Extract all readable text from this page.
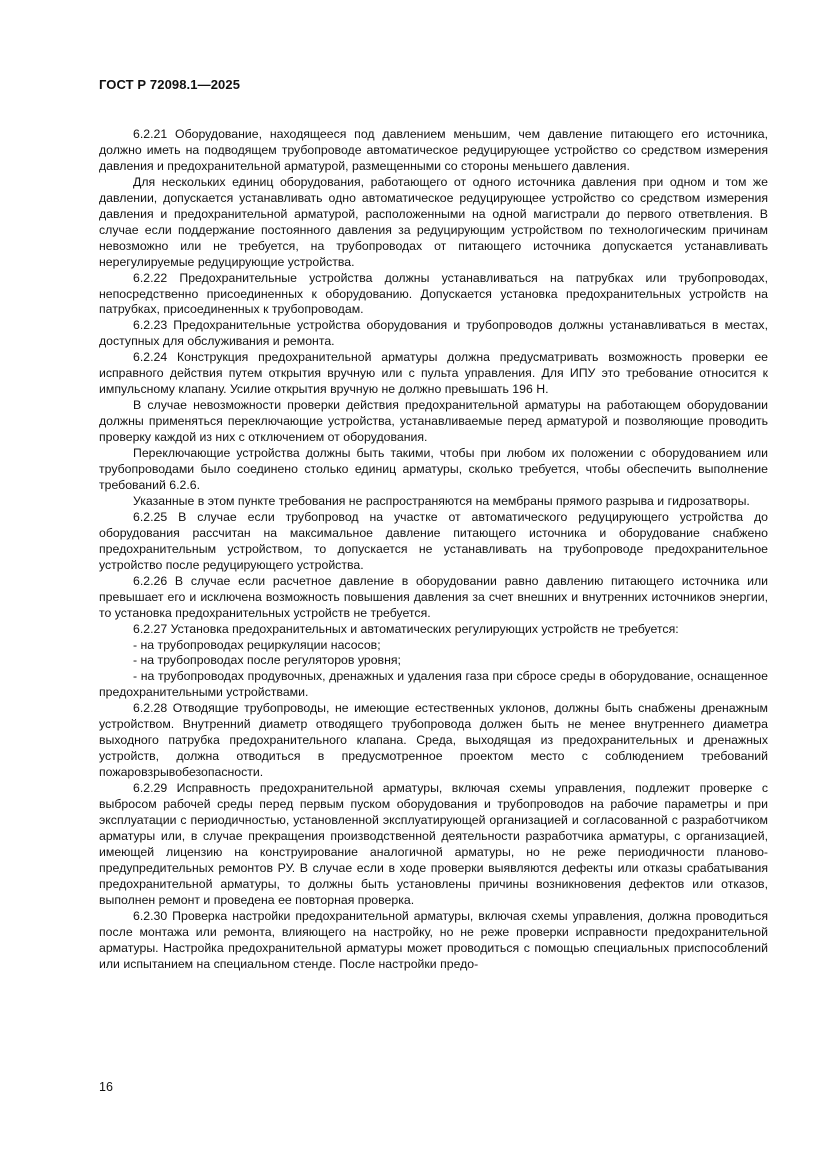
ГОСТ Р 72098.1—2025

6.2.21 Оборудование, находящееся под давлением меньшим, чем давление питающего его источника, должно иметь на подводящем трубопроводе автоматическое редуцирующее устройство со средством измерения давления и предохранительной арматурой, размещенными со стороны меньшего давления.

Для нескольких единиц оборудования, работающего от одного источника давления при одном и том же давлении, допускается устанавливать одно автоматическое редуцирующее устройство со средством измерения давления и предохранительной арматурой, расположенными на одной магистрали до первого ответвления. В случае если поддержание постоянного давления за редуцирующим устройством по технологическим причинам невозможно или не требуется, на трубопроводах от питающего источника допускается устанавливать нерегулируемые редуцирующие устройства.

6.2.22 Предохранительные устройства должны устанавливаться на патрубках или трубопроводах, непосредственно присоединенных к оборудованию. Допускается установка предохранительных устройств на патрубках, присоединенных к трубопроводам.

6.2.23 Предохранительные устройства оборудования и трубопроводов должны устанавливаться в местах, доступных для обслуживания и ремонта.

6.2.24 Конструкция предохранительной арматуры должна предусматривать возможность проверки ее исправного действия путем открытия вручную или с пульта управления. Для ИПУ это требование относится к импульсному клапану. Усилие открытия вручную не должно превышать 196 Н.

В случае невозможности проверки действия предохранительной арматуры на работающем оборудовании должны применяться переключающие устройства, устанавливаемые перед арматурой и позволяющие проводить проверку каждой из них с отключением от оборудования.

Переключающие устройства должны быть такими, чтобы при любом их положении с оборудованием или трубопроводами было соединено столько единиц арматуры, сколько требуется, чтобы обеспечить выполнение требований 6.2.6.

Указанные в этом пункте требования не распространяются на мембраны прямого разрыва и гидрозатворы.

6.2.25 В случае если трубопровод на участке от автоматического редуцирующего устройства до оборудования рассчитан на максимальное давление питающего источника и оборудование снабжено предохранительным устройством, то допускается не устанавливать на трубопроводе предохранительное устройство после редуцирующего устройства.

6.2.26 В случае если расчетное давление в оборудовании равно давлению питающего источника или превышает его и исключена возможность повышения давления за счет внешних и внутренних источников энергии, то установка предохранительных устройств не требуется.

6.2.27 Установка предохранительных и автоматических регулирующих устройств не требуется:

- на трубопроводах рециркуляции насосов;

- на трубопроводах после регуляторов уровня;

- на трубопроводах продувочных, дренажных и удаления газа при сбросе среды в оборудование, оснащенное предохранительными устройствами.

6.2.28 Отводящие трубопроводы, не имеющие естественных уклонов, должны быть снабжены дренажным устройством. Внутренний диаметр отводящего трубопровода должен быть не менее внутреннего диаметра выходного патрубка предохранительного клапана. Среда, выходящая из предохранительных и дренажных устройств, должна отводиться в предусмотренное проектом место с соблюдением требований пожаровзрывобезопасности.

6.2.29 Исправность предохранительной арматуры, включая схемы управления, подлежит проверке с выбросом рабочей среды перед первым пуском оборудования и трубопроводов на рабочие параметры и при эксплуатации с периодичностью, установленной эксплуатирующей организацией и согласованной с разработчиком арматуры или, в случае прекращения производственной деятельности разработчика арматуры, с организацией, имеющей лицензию на конструирование аналогичной арматуры, но не реже периодичности планово-предупредительных ремонтов РУ. В случае если в ходе проверки выявляются дефекты или отказы срабатывания предохранительной арматуры, то должны быть установлены причины возникновения дефектов или отказов, выполнен ремонт и проведена ее повторная проверка.

6.2.30 Проверка настройки предохранительной арматуры, включая схемы управления, должна проводиться после монтажа или ремонта, влияющего на настройку, но не реже проверки исправности предохранительной арматуры. Настройка предохранительной арматуры может проводиться с помощью специальных приспособлений или испытанием на специальном стенде. После настройки предо-

16
